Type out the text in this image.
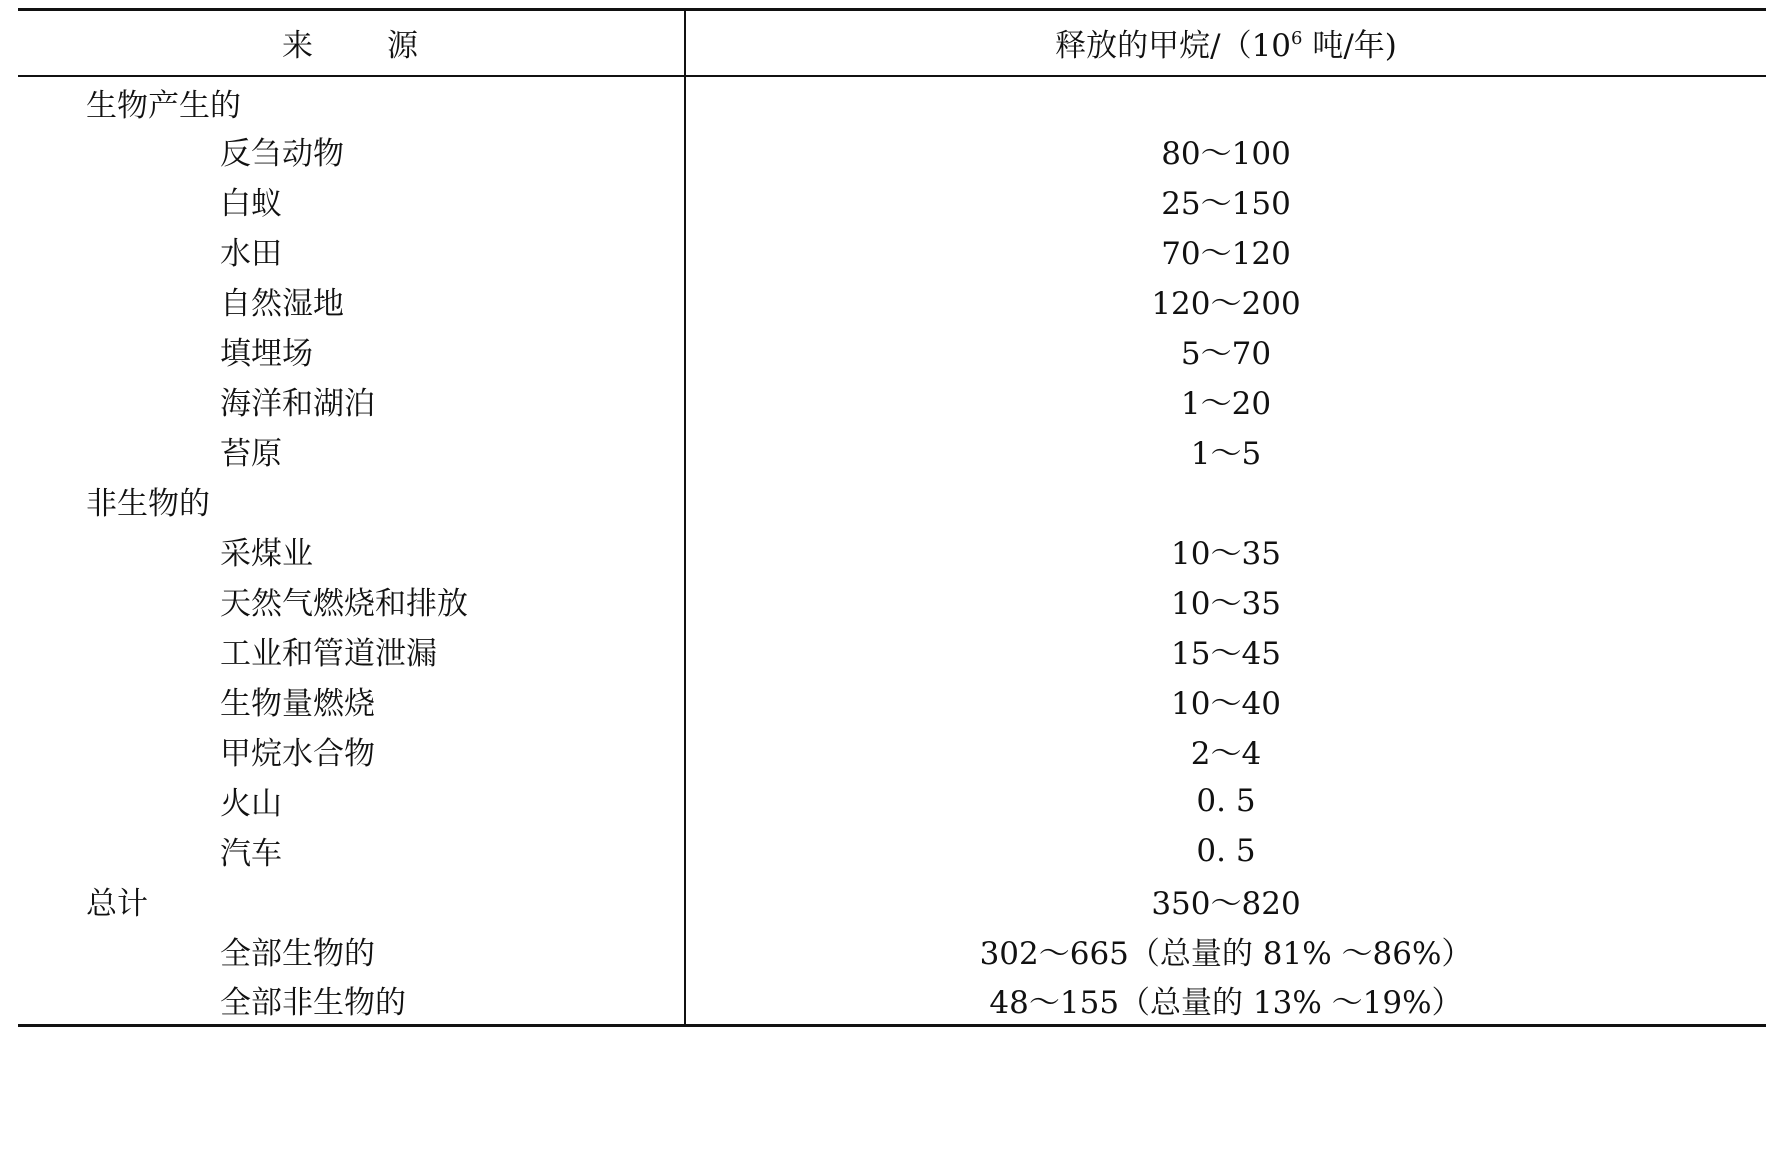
来 源	释放的甲烷$/(10^6$ 吨/年)
生物产生的	
反刍动物	80～100
白蚁	25～150
水田	70～120
自然湿地	120～200
填埋场	5～70
海洋和湖泊	1～20
苔原	1～5
非生物的	
采煤业	10～35
天然气燃烧和排放	10～35
工业和管道泄漏	15～45
生物量燃烧	10～40
甲烷水合物	2～4
火山	0. 5
汽车	0. 5
总计	350～820
全部生物的	302～665（总量的 81% ～86%）
全部非生物的	48～155（总量的 13% ～19%）
